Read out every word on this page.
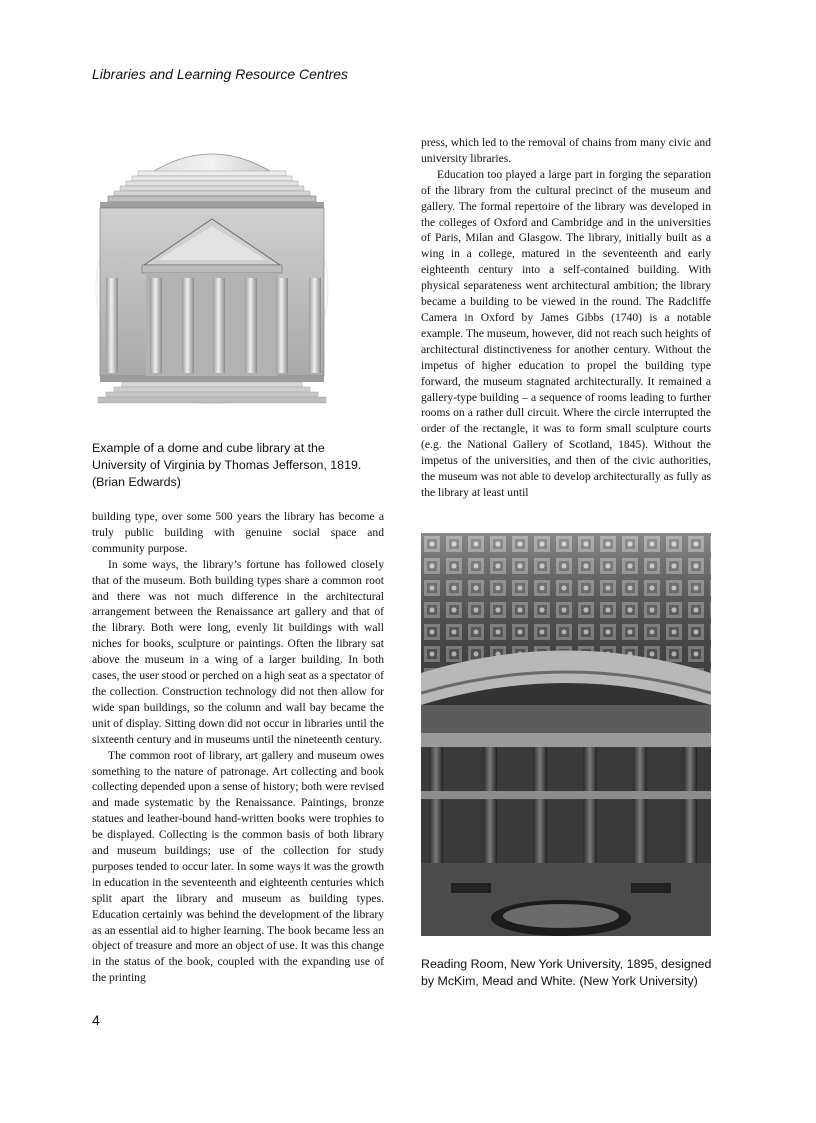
Libraries and Learning Resource Centres
Example of a dome and cube library at the University of Virginia by Thomas Jefferson, 1819. (Brian Edwards)

building type, over some 500 years the library has become a truly public building with genuine social space and community purpose.

In some ways, the library’s fortune has followed closely that of the museum. Both building types share a common root and there was not much difference in the architectural arrangement between the Renaissance art gallery and that of the library. Both were long, evenly lit buildings with wall niches for books, sculpture or paintings. Often the library sat above the museum in a wing of a larger building. In both cases, the user stood or perched on a high seat as a spectator of the collection. Construction technology did not then allow for wide span buildings, so the column and wall bay became the unit of display. Sitting down did not occur in libraries until the sixteenth century and in museums until the nineteenth century.

The common root of library, art gallery and museum owes something to the nature of patronage. Art collecting and book collecting depended upon a sense of history; both were revised and made systematic by the Renaissance. Paintings, bronze statues and leather-bound hand-written books were trophies to be displayed. Collecting is the common basis of both library and museum buildings; use of the collection for study purposes tended to occur later. In some ways it was the growth in education in the seventeenth and eighteenth centuries which split apart the library and museum as building types. Education certainly was behind the development of the library as an essential aid to higher learning. The book became less an object of treasure and more an object of use. It was this change in the status of the book, coupled with the expanding use of the printing

press, which led to the removal of chains from many civic and university libraries.

Education too played a large part in forging the separation of the library from the cultural precinct of the museum and gallery. The formal repertoire of the library was developed in the colleges of Oxford and Cambridge and in the universities of Paris, Milan and Glasgow. The library, initially built as a wing in a college, matured in the seventeenth and early eighteenth century into a self-contained building. With physical separateness went architectural ambition; the library became a building to be viewed in the round. The Radcliffe Camera in Oxford by James Gibbs (1740) is a notable example. The museum, however, did not reach such heights of architectural distinctiveness for another century. Without the impetus of higher education to propel the building type forward, the museum stagnated architecturally. It remained a gallery-type building – a sequence of rooms leading to further rooms on a rather dull circuit. Where the circle interrupted the order of the rectangle, it was to form small sculpture courts (e.g. the National Gallery of Scotland, 1845). Without the impetus of the universities, and then of the civic authorities, the museum was not able to develop architecturally as fully as the library at least until

Reading Room, New York University, 1895, designed by McKim, Mead and White. (New York University)
4
